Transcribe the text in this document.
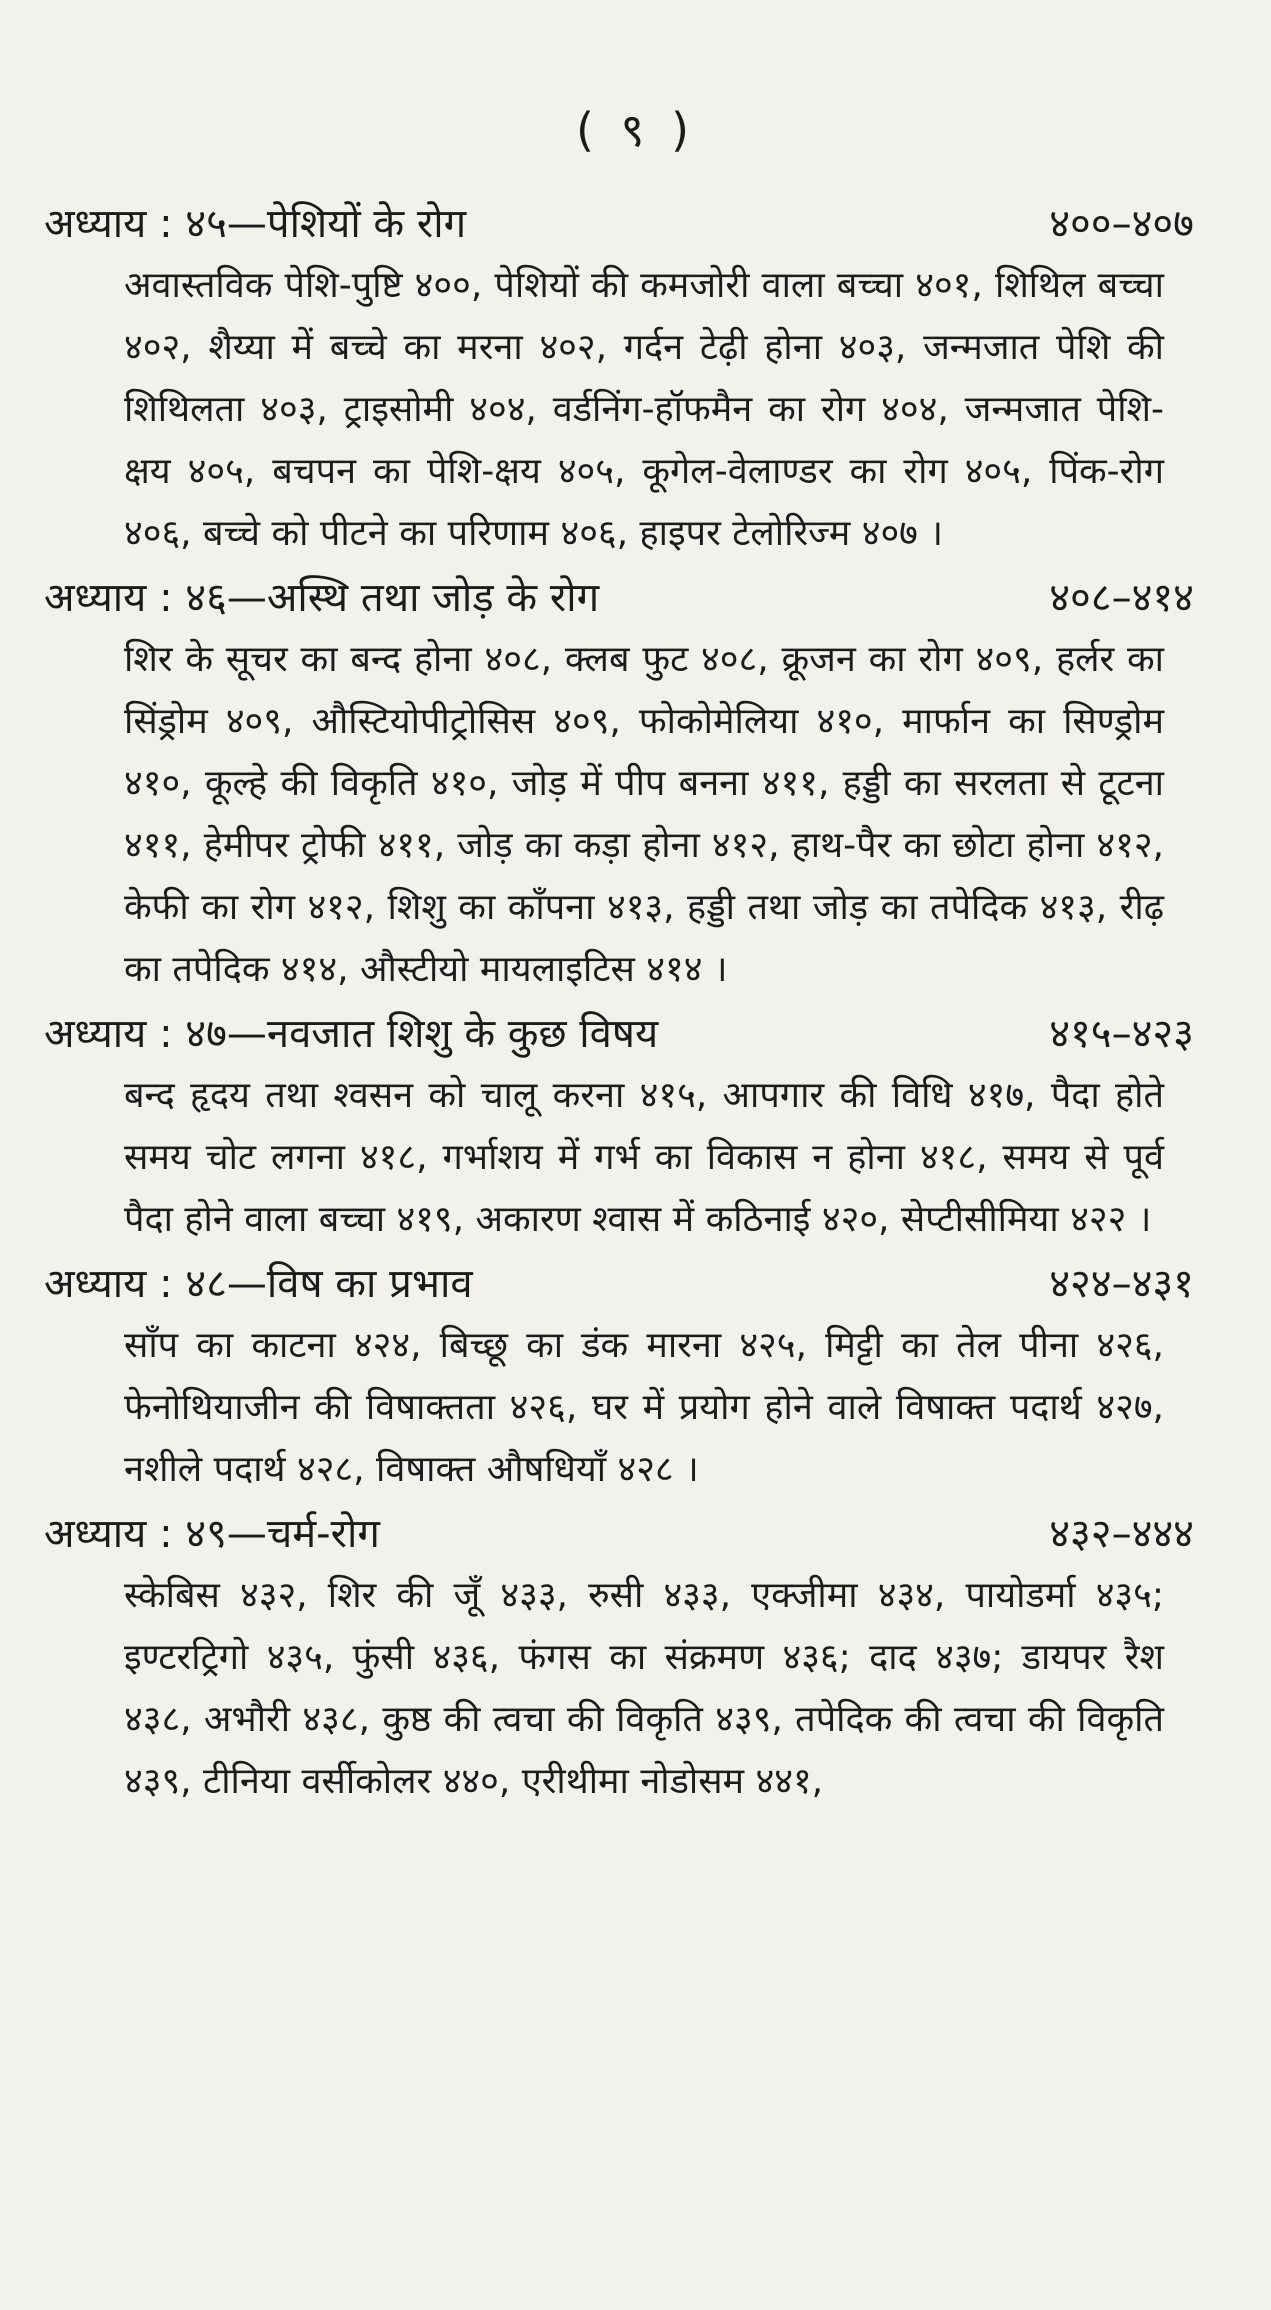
( ९ )
अध्याय : ४५—पेशियों के रोग	४००–४०७
अवास्तविक पेशि-पुष्टि ४००, पेशियों की कमजोरी वाला बच्चा ४०१, शिथिल बच्चा ४०२, शैय्या में बच्चे का मरना ४०२, गर्दन टेढ़ी होना ४०३, जन्मजात पेशि की शिथिलता ४०३, ट्राइसोमी ४०४, वर्डनिंग-हॉफमैन का रोग ४०४, जन्मजात पेशि-क्षय ४०५, बचपन का पेशि-क्षय ४०५, कूगेल-वेलाण्डर का रोग ४०५, पिंक-रोग ४०६, बच्चे को पीटने का परिणाम ४०६, हाइपर टेलोरिज्म ४०७ ।
अध्याय : ४६—अस्थि तथा जोड़ के रोग	४०८–४१४
शिर के सूचर का बन्द होना ४०८, क्लब फुट ४०८, क्रूजन का रोग ४०९, हर्लर का सिंड्रोम ४०९, औस्टियोपीट्रोसिस ४०९, फोकोमेलिया ४१०, मार्फान का सिण्ड्रोम ४१०, कूल्हे की विकृति ४१०, जोड़ में पीप बनना ४११, हड्डी का सरलता से टूटना ४११, हेमीपर ट्रोफी ४११, जोड़ का कड़ा होना ४१२, हाथ-पैर का छोटा होना ४१२, केफी का रोग ४१२, शिशु का काँपना ४१३, हड्डी तथा जोड़ का तपेदिक ४१३, रीढ़ का तपेदिक ४१४, औस्टीयो मायलाइटिस ४१४ ।
अध्याय : ४७—नवजात शिशु के कुछ विषय	४१५–४२३
बन्द हृदय तथा श्वसन को चालू करना ४१५, आपगार की विधि ४१७, पैदा होते समय चोट लगना ४१८, गर्भाशय में गर्भ का विकास न होना ४१८, समय से पूर्व पैदा होने वाला बच्चा ४१९, अकारण श्वास में कठिनाई ४२०, सेप्टीसीमिया ४२२ ।
अध्याय : ४८—विष का प्रभाव	४२४–४३१
साँप का काटना ४२४, बिच्छू का डंक मारना ४२५, मिट्टी का तेल पीना ४२६, फेनोथियाजीन की विषाक्तता ४२६, घर में प्रयोग होने वाले विषाक्त पदार्थ ४२७, नशीले पदार्थ ४२८, विषाक्त औषधियाँ ४२८ ।
अध्याय : ४९—चर्म-रोग	४३२–४४४
स्केबिस ४३२, शिर की जूँ ४३३, रुसी ४३३, एक्जीमा ४३४, पायोडर्मा ४३५; इण्टरट्रिगो ४३५, फुंसी ४३६, फंगस का संक्रमण ४३६; दाद ४३७; डायपर रैश ४३८, अभौरी ४३८, कुष्ठ की त्वचा की विकृति ४३९, तपेदिक की त्वचा की विकृति ४३९, टीनिया वर्सीकोलर ४४०, एरीथीमा नोडोसम ४४१,
